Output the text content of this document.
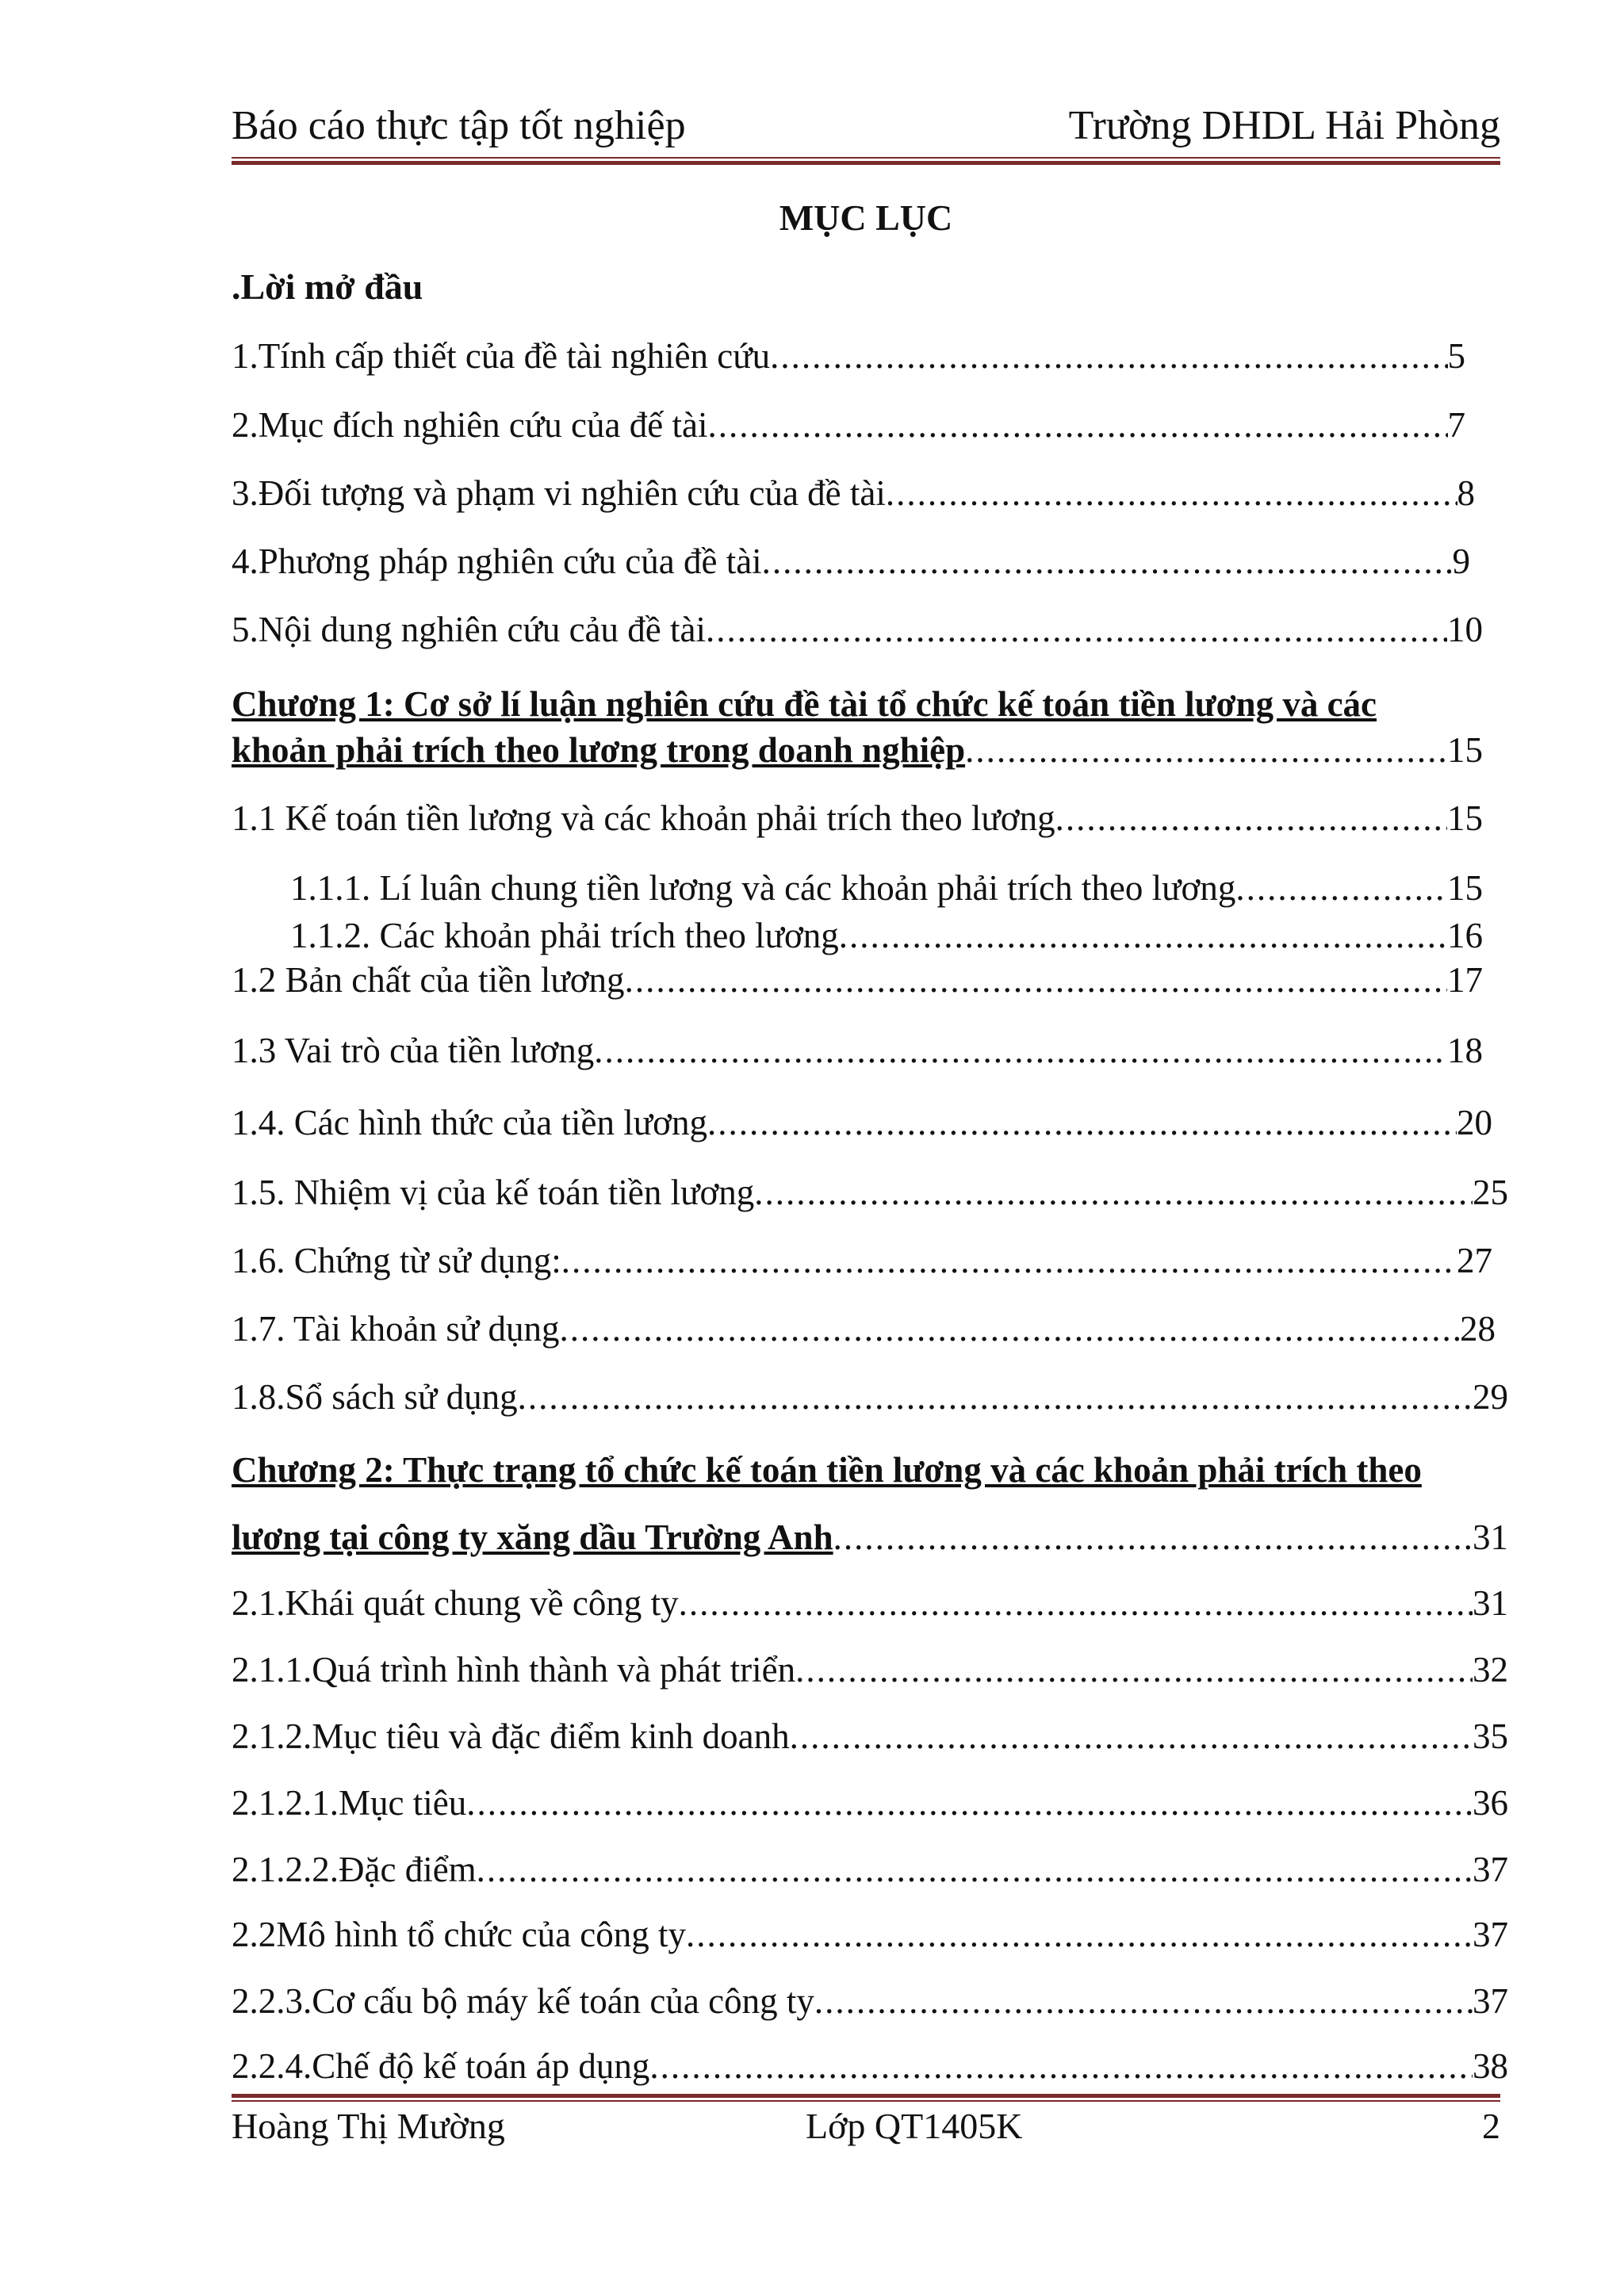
Báo cáo thực tập tốt nghiệp	Trường DHDL Hải Phòng
MỤC LỤC
.Lời mở đầu
1.Tính cấp thiết của đề tài nghiên cứu .....	5
2.Mục đích nghiên cứu của đế tài .....	7
3.Đối tượng và phạm vi nghiên cứu của đề tài .....	8
4.Phương pháp nghiên cứu của đề tài .....	9
5.Nội dung nghiên cứu cảu đề tài .....	10
Chương 1: Cơ sở lí luận nghiên cứu đề tài tổ chức kế toán tiền lương và các
khoản phải trích theo lương trong doanh nghiệp .....	15
1.1 Kế toán tiền lương và các khoản phải trích theo lương .....	15
1.1.1. Lí luân chung tiền lương và các khoản phải trích theo lương .....	15
1.1.2. Các khoản phải trích theo lương .....	16
1.2 Bản chất của tiền lương .....	17
1.3 Vai trò của tiền lương .....	18
1.4. Các hình thức của tiền lương .....	20
1.5. Nhiệm vị của kế toán tiền lương .....	25
1.6. Chứng từ sử dụng: .....	27
1.7. Tài khoản sử dụng .....	28
1.8.Sổ sách sử dụng .....	29
Chương 2: Thực trạng tổ chức kế toán tiền lương và các khoản phải trích theo
lương tại công ty xăng dầu Trường Anh .....	31
2.1.Khái quát chung về công ty .....	31
2.1.1.Quá trình hình thành và phát triển .....	32
2.1.2.Mục tiêu và đặc điểm kinh doanh .....	35
2.1.2.1.Mục tiêu .....	36
2.1.2.2.Đặc điểm .....	37
2.2Mô hình tổ chức của công ty .....	37
2.2.3.Cơ cấu bộ máy kế toán của công ty .....	37
2.2.4.Chế độ kế toán áp dụng .....	38
Hoàng Thị Mường	Lớp QT1405K	2
